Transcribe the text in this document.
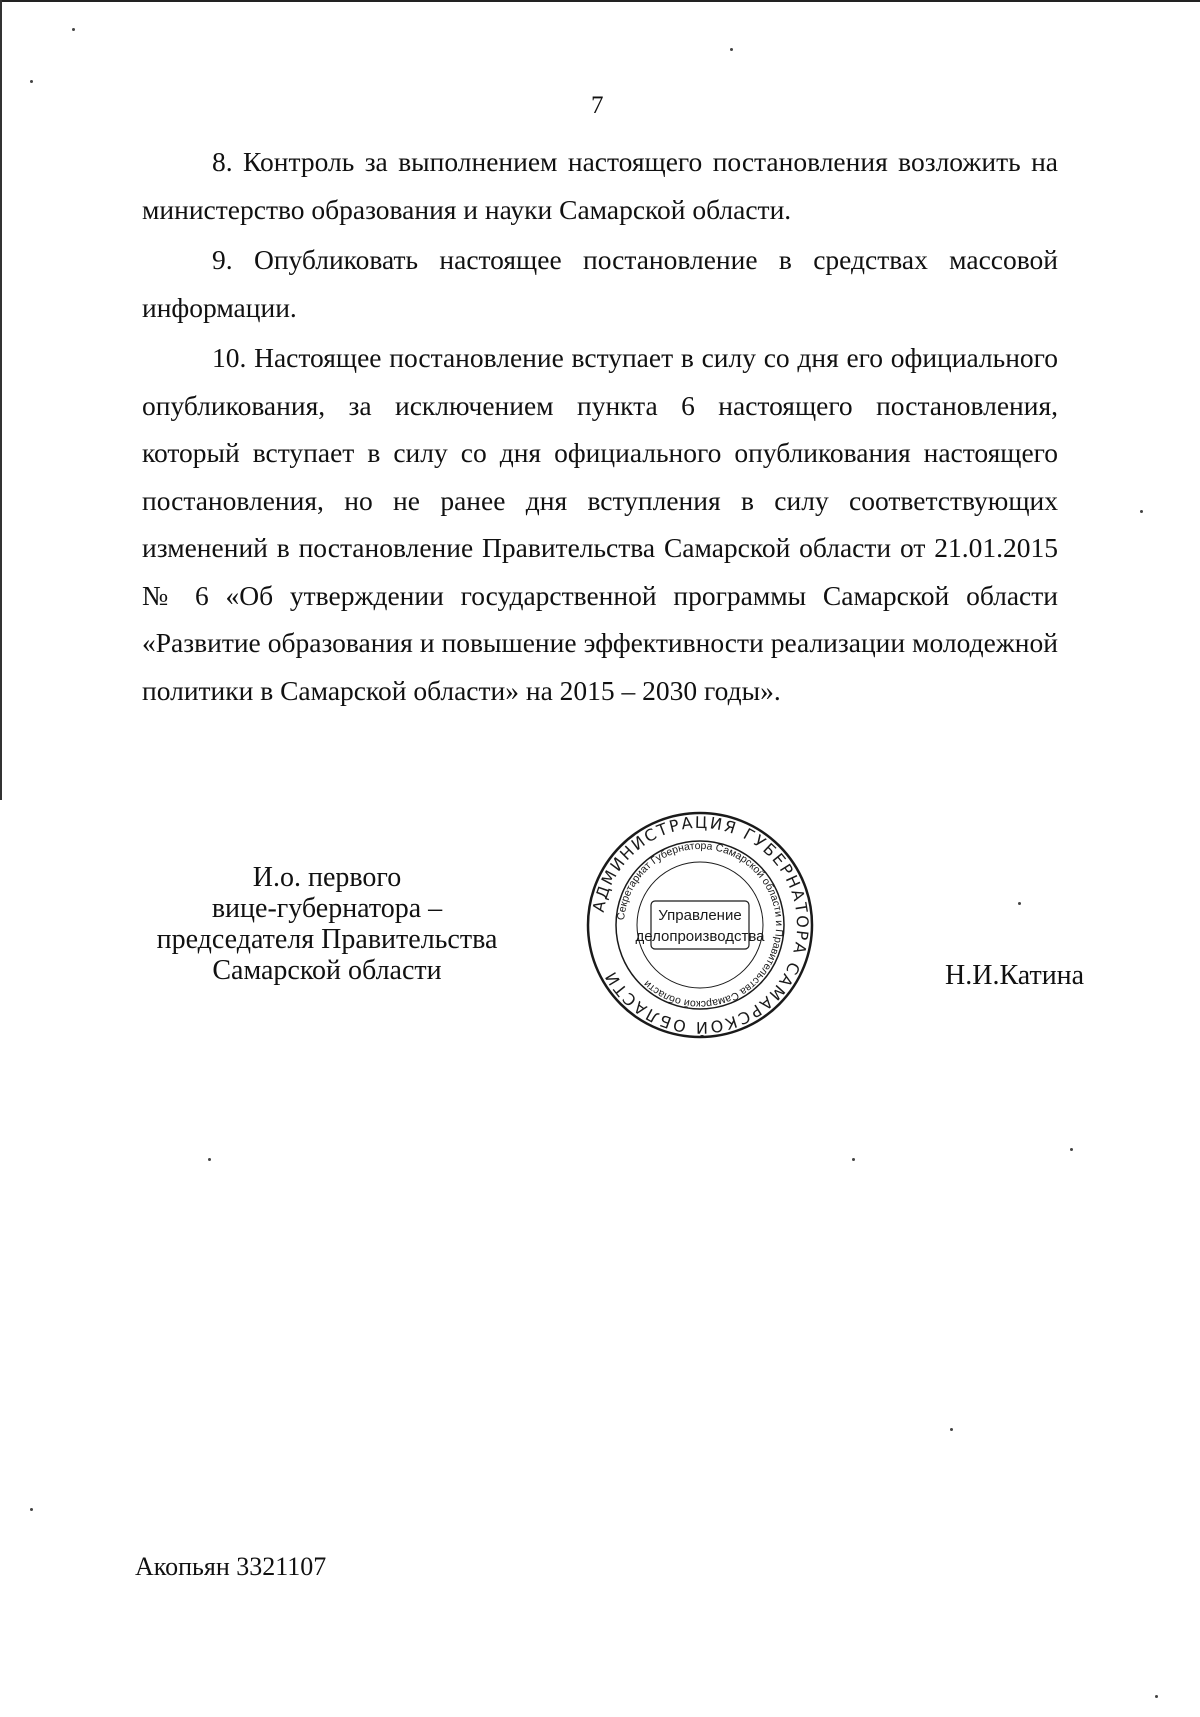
7

8. Контроль за выполнением настоящего постановления возложить на министерство образования и науки Самарской области.

9. Опубликовать настоящее постановление в средствах массовой информации.

10. Настоящее постановление вступает в силу со дня его официального опубликования, за исключением пункта 6 настоящего постановления, который вступает в силу со дня официального опубликования настоящего постановления, но не ранее дня вступления в силу соответствующих изменений в постановление Правительства Самарской области от 21.01.2015 № 6 «Об утверждении государственной программы Самарской области «Развитие образования и повышение эффективности реализации молодежной политики в Самарской области» на 2015 – 2030 годы».

И.о. первого
вице-губернатора –
председателя Правительства
Самарской области
АДМИНИСТРАЦИЯ ГУБЕРНАТОРА САМАРСКОЙ ОБЛАСТИ
Секретариат Губернатора Самарской области и Правительства Самарской области
Управление
делопроизводства
Н.И.Катина
Акопьян 3321107
